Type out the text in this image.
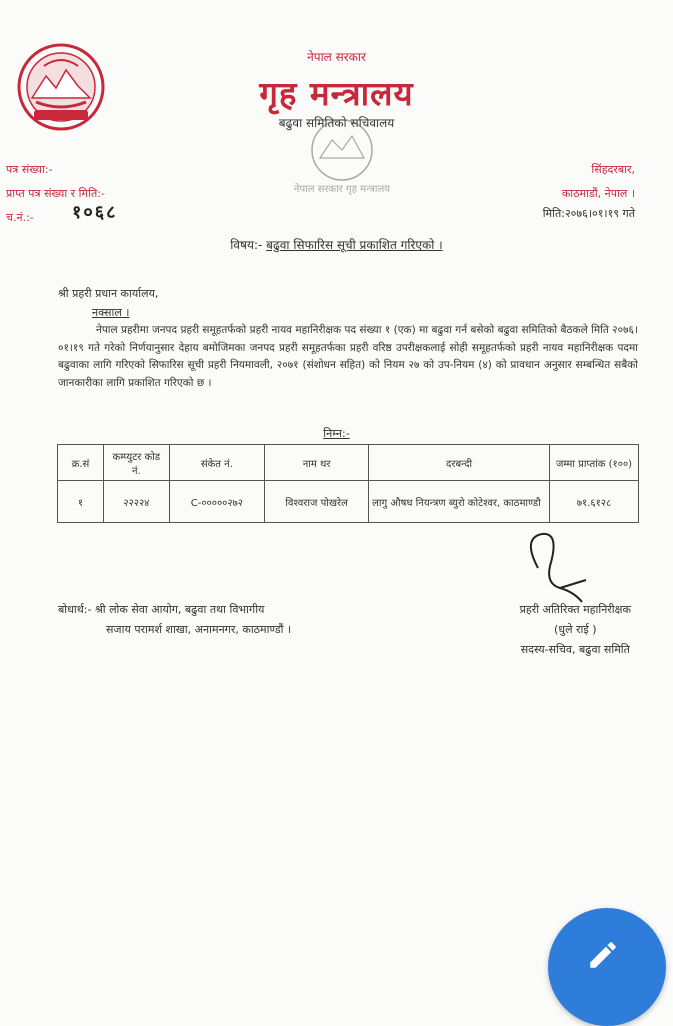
नेपाल सरकार
गृह मन्त्रालय
बढुवा समितिको सचिवालय
नेपाल सरकार गृह मन्त्रालय
पत्र संख्या:-
प्राप्त पत्र संख्या र मिति:-
च.नं.:- १०६८
सिंहदरबार,
काठमाडौं, नेपाल ।
मिति:२०७६।०१।१९ गते
विषय:- बढुवा सिफारिस सूची प्रकाशित गरिएको ।
श्री प्रहरी प्रधान कार्यालय,
नक्साल ।
नेपाल प्रहरीमा जनपद प्रहरी समूहतर्फको प्रहरी नायव महानिरीक्षक पद संख्या १ (एक) मा बढुवा गर्न बसेको बढुवा समितिको बैठकले मिति २०७६।०१।१९ गते गरेको निर्णयानुसार देहाय बमोजिमका जनपद प्रहरी समूहतर्फका प्रहरी वरिष्ठ उपरीक्षकलाई सोही समूहतर्फको प्रहरी नायव महानिरीक्षक पदमा बढुवाका लागि गरिएको सिफारिस सूची प्रहरी नियमावली, २०७१ (संशोधन सहित) को नियम २७ को उप-नियम (४) को प्रावधान अनुसार सम्बन्धित सबैको जानकारीका लागि प्रकाशित गरिएको छ ।
निम्न:-
क्र.सं	कम्प्युटर कोड नं.	संकेत नं.	नाम थर	दरबन्दी	जम्मा प्राप्तांक (१००)
१	२२२२४	C-०००००२७२	विश्वराज पोखरेल	लागु औषध नियन्त्रण ब्युरो कोटेश्वर, काठमाण्डौ	७१.६१२८
बोधार्थ:- श्री लोक सेवा आयोग, बढुवा तथा विभागीय
सजाय परामर्श शाखा, अनामनगर, काठमाण्डौं ।
प्रहरी अतिरिक्त महानिरीक्षक
(धुले राई )
सदस्य-सचिव, बढुवा समिति
